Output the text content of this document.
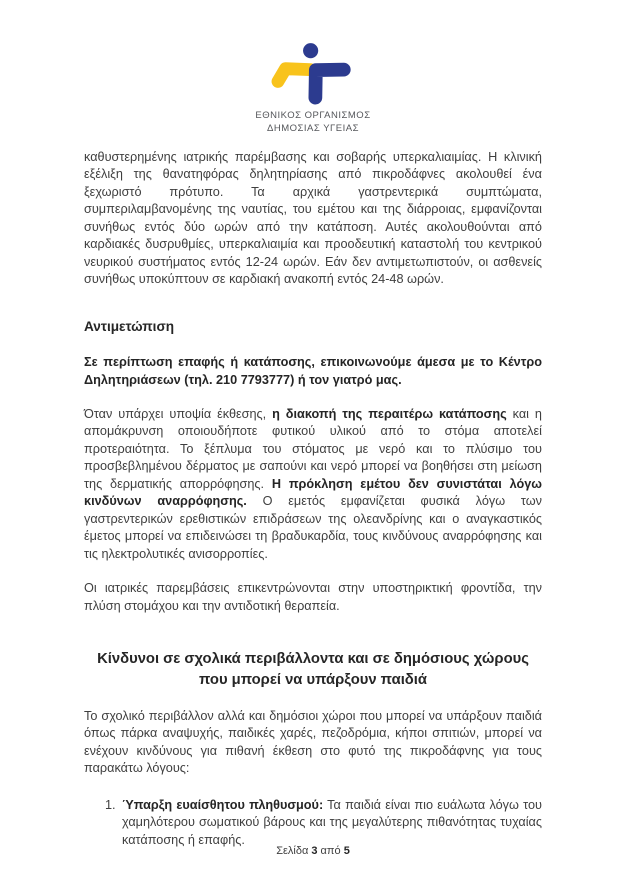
ΕΘΝΙΚΟΣ ΟΡΓΑΝΙΣΜΟΣ
ΔΗΜΟΣΙΑΣ ΥΓΕΙΑΣ

καθυστερημένης ιατρικής παρέμβασης και σοβαρής υπερκαλιαιμίας. Η κλινική εξέλιξη της θανατηφόρας δηλητηρίασης από πικροδάφνες ακολουθεί ένα ξεχωριστό πρότυπο. Τα αρχικά γαστρεντερικά συμπτώματα, συμπεριλαμβανομένης της ναυτίας, του εμέτου και της διάρροιας, εμφανίζονται συνήθως εντός δύο ωρών από την κατάποση. Αυτές ακολουθούνται από καρδιακές δυσρυθμίες, υπερκαλιαιμία και προοδευτική καταστολή του κεντρικού νευρικού συστήματος εντός 12-24 ωρών. Εάν δεν αντιμετωπιστούν, οι ασθενείς συνήθως υποκύπτουν σε καρδιακή ανακοπή εντός 24-48 ωρών.

Αντιμετώπιση

Σε περίπτωση επαφής ή κατάποσης, επικοινωνούμε άμεσα με το Κέντρο Δηλητηριάσεων (τηλ. 210 7793777) ή τον γιατρό μας.

Όταν υπάρχει υποψία έκθεσης, η διακοπή της περαιτέρω κατάποσης και η απομάκρυνση οποιουδήποτε φυτικού υλικού από το στόμα αποτελεί προτεραιότητα. Το ξέπλυμα του στόματος με νερό και το πλύσιμο του προσβεβλημένου δέρματος με σαπούνι και νερό μπορεί να βοηθήσει στη μείωση της δερματικής απορρόφησης. Η πρόκληση εμέτου δεν συνιστάται λόγω κινδύνων αναρρόφησης. Ο εμετός εμφανίζεται φυσικά λόγω των γαστρεντερικών ερεθιστικών επιδράσεων της ολεανδρίνης και ο αναγκαστικός έμετος μπορεί να επιδεινώσει τη βραδυκαρδία, τους κινδύνους αναρρόφησης και τις ηλεκτρολυτικές ανισορροπίες.

Οι ιατρικές παρεμβάσεις επικεντρώνονται στην υποστηρικτική φροντίδα, την πλύση στομάχου και την αντιδοτική θεραπεία.

Κίνδυνοι σε σχολικά περιβάλλοντα και σε δημόσιους χώρους που μπορεί να υπάρξουν παιδιά

Το σχολικό περιβάλλον αλλά και δημόσιοι χώροι που μπορεί να υπάρξουν παιδιά όπως πάρκα αναψυχής, παιδικές χαρές, πεζοδρόμια, κήποι σπιτιών, μπορεί να ενέχουν κινδύνους για πιθανή έκθεση στο φυτό της πικροδάφνης για τους παρακάτω λόγους:

1. Ύπαρξη ευαίσθητου πληθυσμού: Τα παιδιά είναι πιο ευάλωτα λόγω του χαμηλότερου σωματικού βάρους και της μεγαλύτερης πιθανότητας τυχαίας κατάποσης ή επαφής.
Σελίδα 3 από 5
